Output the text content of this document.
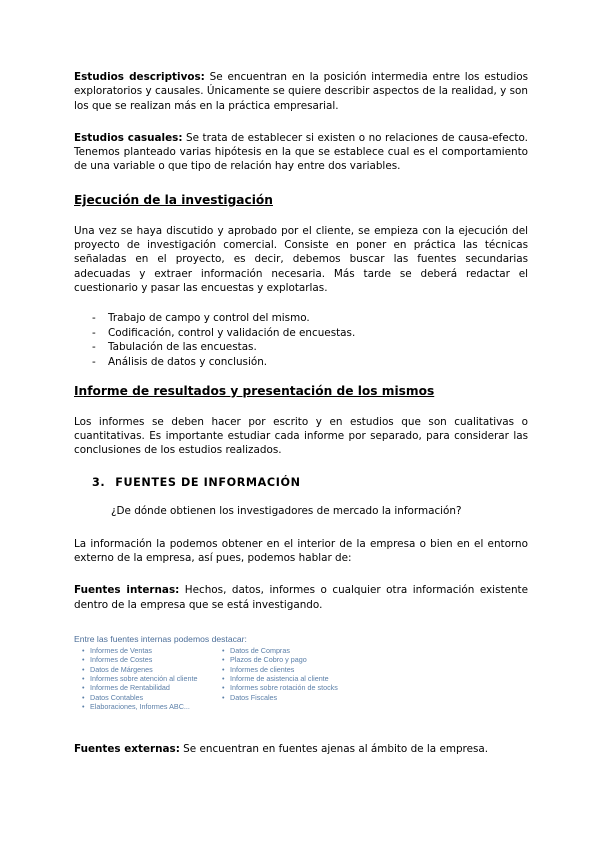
Estudios descriptivos: Se encuentran en la posición intermedia entre los estudios exploratorios y causales. Únicamente se quiere describir aspectos de la realidad, y son los que se realizan más en la práctica empresarial.

Estudios casuales: Se trata de establecer si existen o no relaciones de causa-efecto. Tenemos planteado varias hipótesis en la que se establece cual es el comportamiento de una variable o que tipo de relación hay entre dos variables.

Ejecución de la investigación

Una vez se haya discutido y aprobado por el cliente, se empieza con la ejecución del proyecto de investigación comercial. Consiste en poner en práctica las técnicas señaladas en el proyecto, es decir, debemos buscar las fuentes secundarias adecuadas y extraer información necesaria. Más tarde se deberá redactar el cuestionario y pasar las encuestas y explotarlas.

- Trabajo de campo y control del mismo.
- Codificación, control y validación de encuestas.
- Tabulación de las encuestas.
- Análisis de datos y conclusión.
Informe de resultados y presentación de los mismos

Los informes se deben hacer por escrito y en estudios que son cualitativas o cuantitativas. Es importante estudiar cada informe por separado, para considerar las conclusiones de los estudios realizados.

3. FUENTES DE INFORMACIÓN

¿De dónde obtienen los investigadores de mercado la información?

La información la podemos obtener en el interior de la empresa o bien en el entorno externo de la empresa, así pues, podemos hablar de:

Fuentes internas: Hechos, datos, informes o cualquier otra información existente dentro de la empresa que se está investigando.

Entre las fuentes internas podemos destacar:
• Informes de Ventas
• Informes de Costes
• Datos de Márgenes
• Informes sobre atención al cliente
• Informes de Rentabilidad
• Datos Contables
• Elaboraciones, Informes ABC...
• Datos de Compras
• Plazos de Cobro y pago
• Informes de clientes
• Informe de asistencia al cliente
• Informes sobre rotación de stocks
• Datos Fiscales

Fuentes externas: Se encuentran en fuentes ajenas al ámbito de la empresa.
